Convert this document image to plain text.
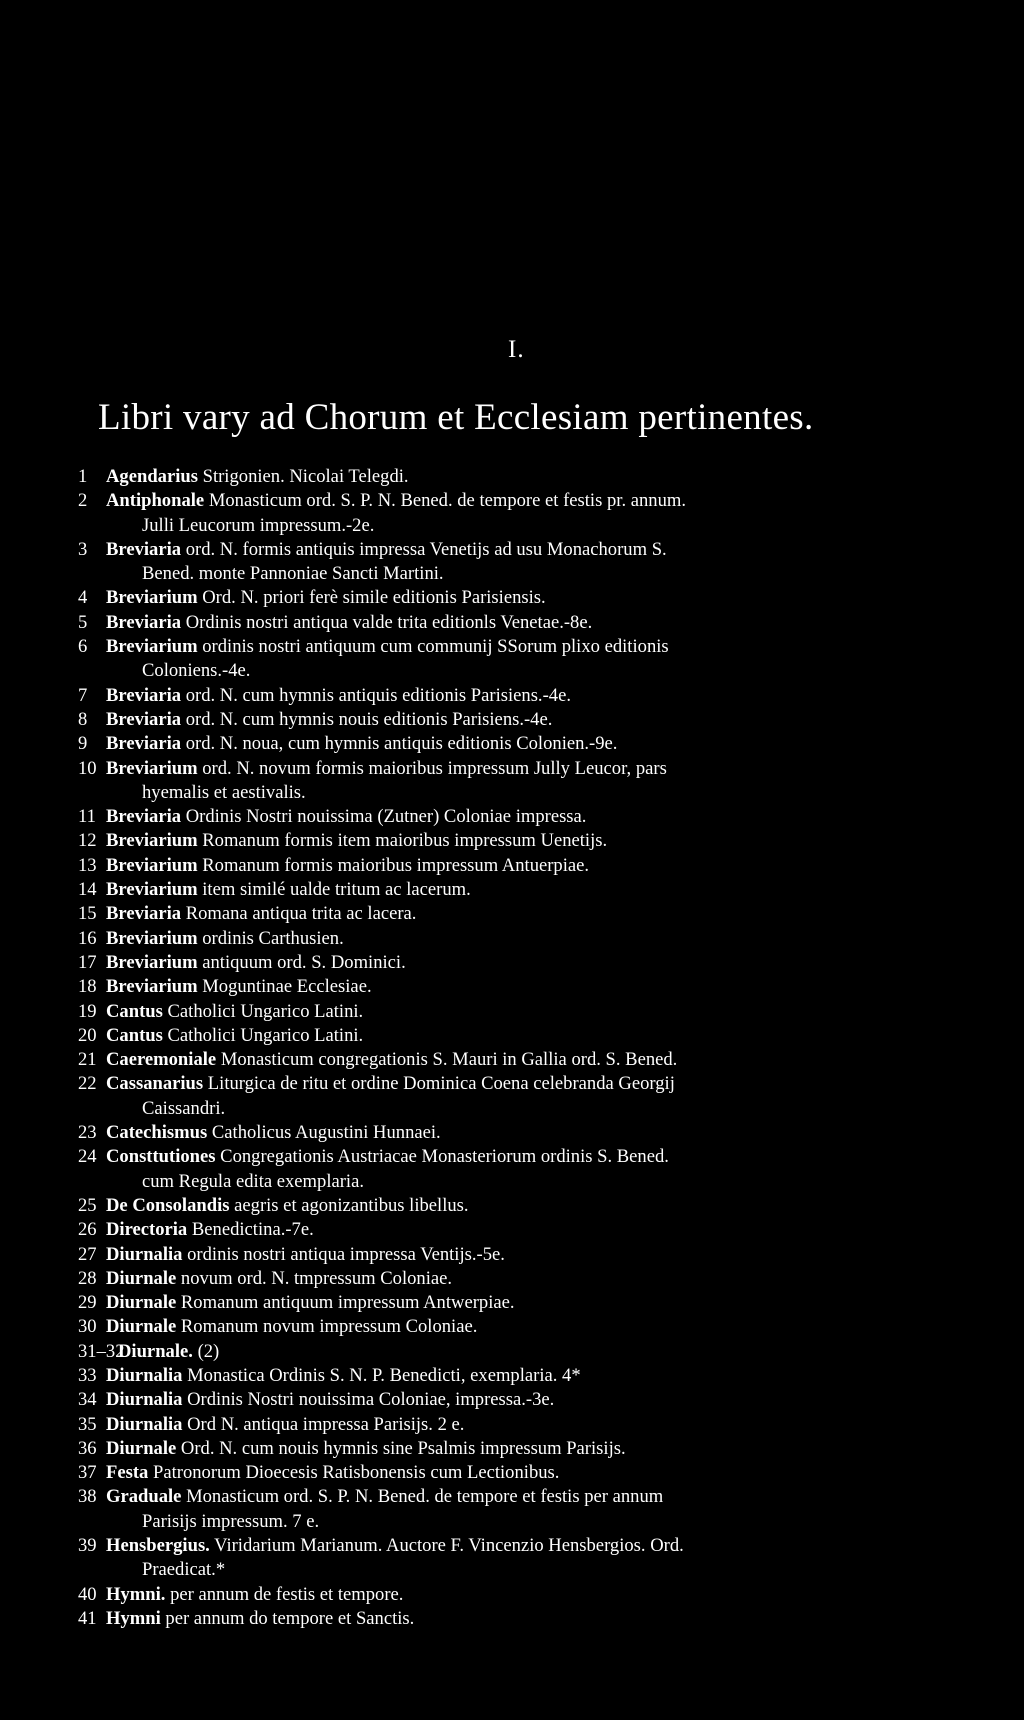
I.
Libri vary ad Chorum et Ecclesiam pertinentes.
1 Agendarius Strigonien. Nicolai Telegdi.
2 Antiphonale Monasticum ord. S. P. N. Bened. de tempore et festis pr. annum.
Julli Leucorum impressum.-2e.
3 Breviaria ord. N. formis antiquis impressa Venetijs ad usu Monachorum S.
Bened. monte Pannoniae Sancti Martini.
4 Breviarium Ord. N. priori ferè simile editionis Parisiensis.
5 Breviaria Ordinis nostri antiqua valde trita editionls Venetae.-8e.
6 Breviarium ordinis nostri antiquum cum communij SSorum plixo editionis
Coloniens.-4e.
7 Breviaria ord. N. cum hymnis antiquis editionis Parisiens.-4e.
8 Breviaria ord. N. cum hymnis nouis editionis Parisiens.-4e.
9 Breviaria ord. N. noua, cum hymnis antiquis editionis Colonien.-9e.
10 Breviarium ord. N. novum formis maioribus impressum Jully Leucor, pars
hyemalis et aestivalis.
11 Breviaria Ordinis Nostri nouissima (Zutner) Coloniae impressa.
12 Breviarium Romanum formis item maioribus impressum Uenetijs.
13 Breviarium Romanum formis maioribus impressum Antuerpiae.
14 Breviarium item similé ualde tritum ac lacerum.
15 Breviaria Romana antiqua trita ac lacera.
16 Breviarium ordinis Carthusien.
17 Breviarium antiquum ord. S. Dominici.
18 Breviarium Moguntinae Ecclesiae.
19 Cantus Catholici Ungarico Latini.
20 Cantus Catholici Ungarico Latini.
21 Caeremoniale Monasticum congregationis S. Mauri in Gallia ord. S. Bened.
22 Cassanarius Liturgica de ritu et ordine Dominica Coena celebranda Georgij
Caissandri.
23 Catechismus Catholicus Augustini Hunnaei.
24 Consttutiones Congregationis Austriacae Monasteriorum ordinis S. Bened.
cum Regula edita exemplaria.
25 De Consolandis aegris et agonizantibus libellus.
26 Directoria Benedictina.-7e.
27 Diurnalia ordinis nostri antiqua impressa Ventijs.-5e.
28 Diurnale novum ord. N. tmpressum Coloniae.
29 Diurnale Romanum antiquum impressum Antwerpiae.
30 Diurnale Romanum novum impressum Coloniae.
31–32
Diurnale. (2)
33 Diurnalia Monastica Ordinis S. N. P. Benedicti, exemplaria. 4*
34 Diurnalia Ordinis Nostri nouissima Coloniae, impressa.-3e.
35 Diurnalia Ord N. antiqua impressa Parisijs. 2 e.
36 Diurnale Ord. N. cum nouis hymnis sine Psalmis impressum Parisijs.
37 Festa Patronorum Dioecesis Ratisbonensis cum Lectionibus.
38 Graduale Monasticum ord. S. P. N. Bened. de tempore et festis per annum
Parisijs impressum. 7 e.
39 Hensbergius. Viridarium Marianum. Auctore F. Vincenzio Hensbergios. Ord.
Praedicat.*
40 Hymni. per annum de festis et tempore.
41 Hymni per annum do tempore et Sanctis.
